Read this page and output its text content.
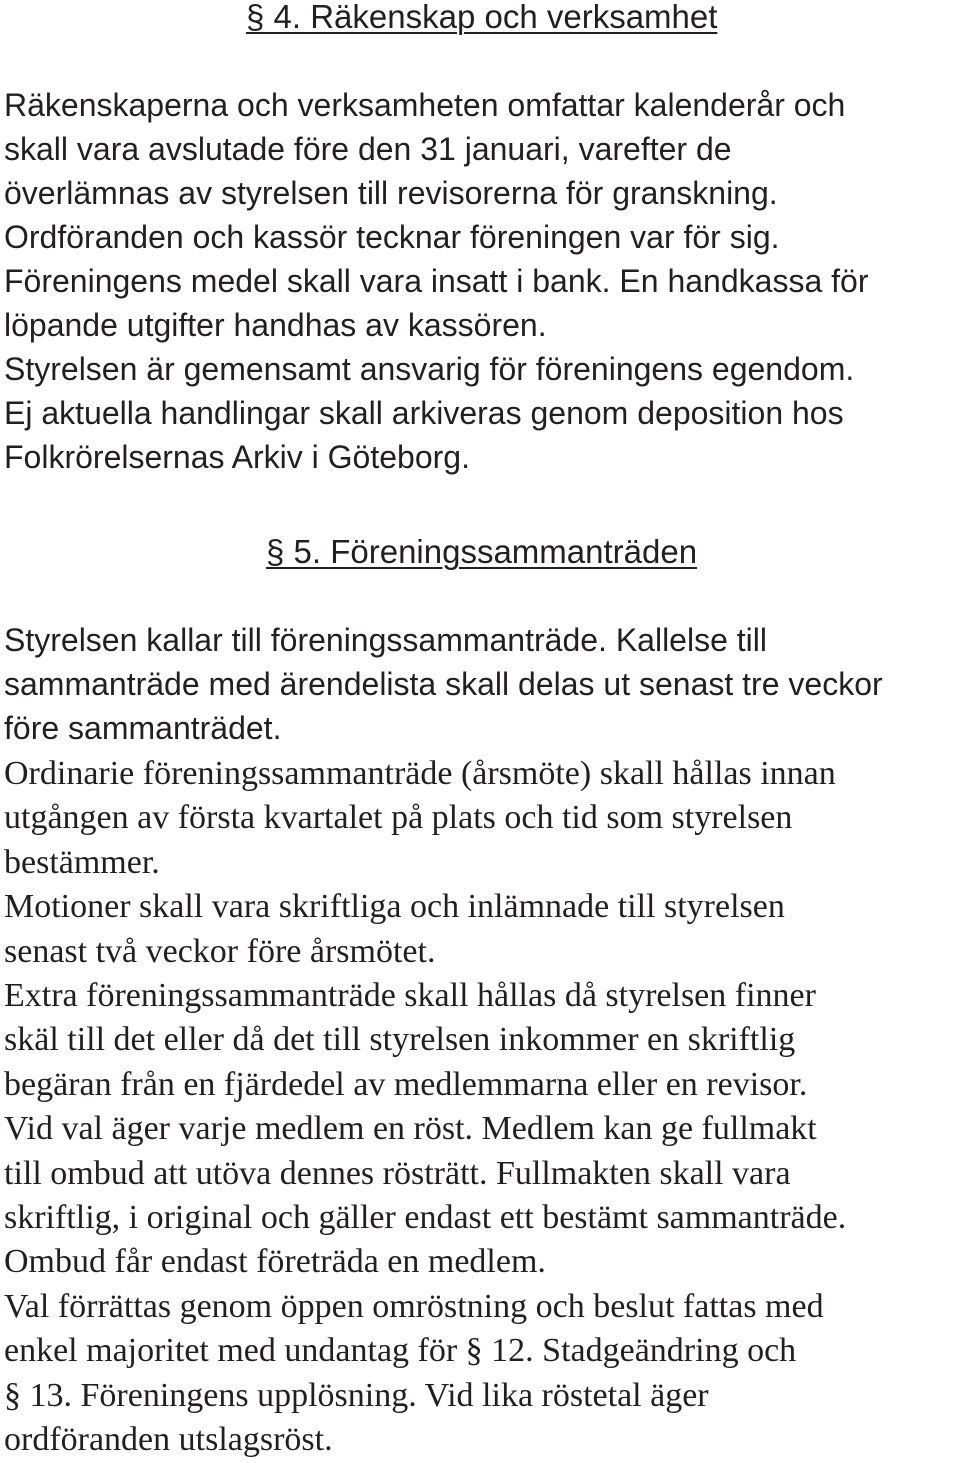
§ 4. Räkenskap och verksamhet
Räkenskaperna och verksamheten omfattar kalenderår och
skall vara avslutade före den 31 januari, varefter de
överlämnas av styrelsen till revisorerna för granskning.
Ordföranden och kassör tecknar föreningen var för sig.
Föreningens medel skall vara insatt i bank. En handkassa för
löpande utgifter handhas av kassören.
Styrelsen är gemensamt ansvarig för föreningens egendom.
Ej aktuella handlingar skall arkiveras genom deposition hos
Folkrörelsernas Arkiv i Göteborg.
§ 5. Föreningssammanträden
Styrelsen kallar till föreningssammanträde. Kallelse till
sammanträde med ärendelista skall delas ut senast tre veckor
före sammanträdet.
Ordinarie föreningssammanträde (årsmöte) skall hållas innan
utgången av första kvartalet på plats och tid som styrelsen
bestämmer.
Motioner skall vara skriftliga och inlämnade till styrelsen
senast två veckor före årsmötet.
Extra föreningssammanträde skall hållas då styrelsen finner
skäl till det eller då det till styrelsen inkommer en skriftlig
begäran från en fjärdedel av medlemmarna eller en revisor.
Vid val äger varje medlem en röst. Medlem kan ge fullmakt
till ombud att utöva dennes rösträtt. Fullmakten skall vara
skriftlig, i original och gäller endast ett bestämt sammanträde.
Ombud får endast företräda en medlem.
Val förrättas genom öppen omröstning och beslut fattas med
enkel majoritet med undantag för § 12. Stadgeändring och
§ 13. Föreningens upplösning. Vid lika röstetal äger
ordföranden utslagsröst.
